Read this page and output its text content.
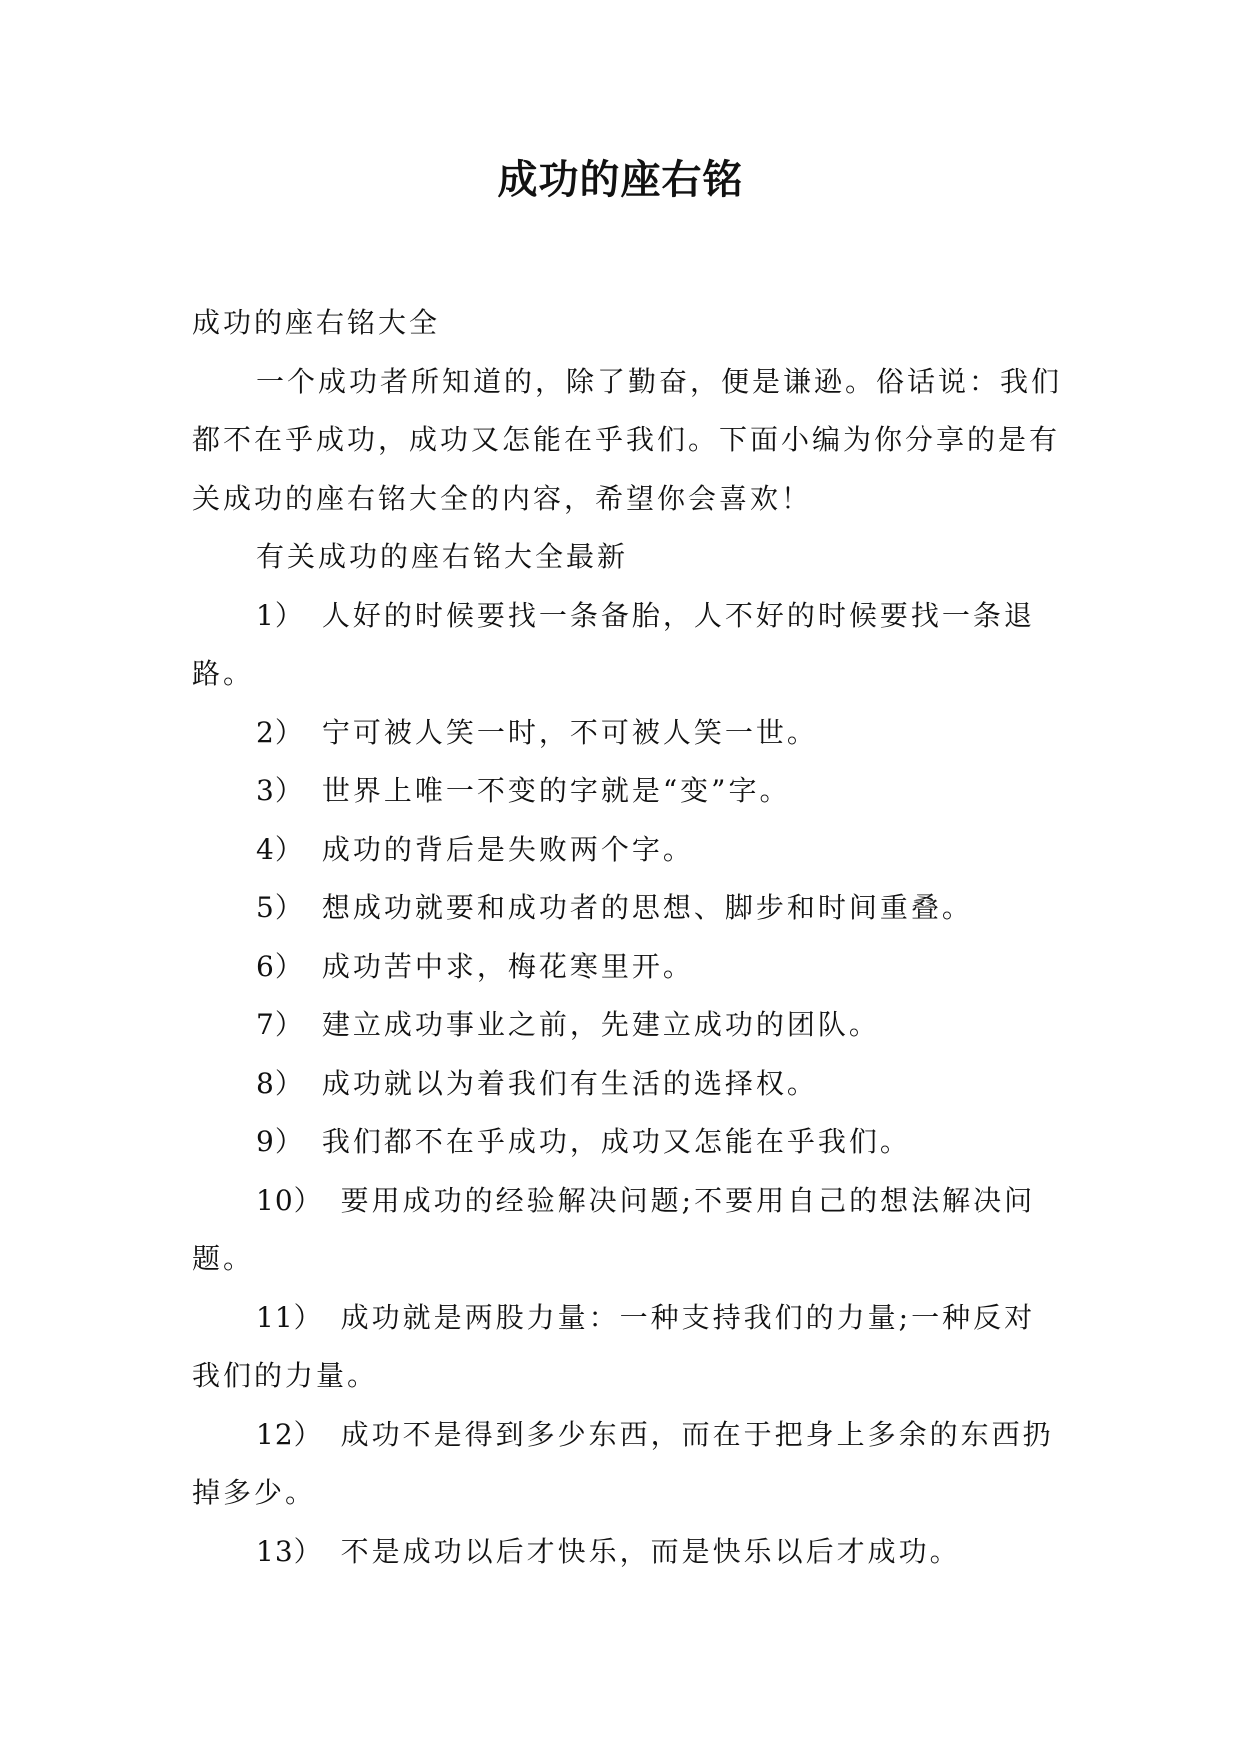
成功的座右铭

成功的座右铭大全

一个成功者所知道的，除了勤奋，便是谦逊。俗话说：我们都不在乎成功，成功又怎能在乎我们。下面小编为你分享的是有关成功的座右铭大全的内容，希望你会喜欢！

有关成功的座右铭大全最新

1） 人好的时候要找一条备胎，人不好的时候要找一条退路。

2） 宁可被人笑一时，不可被人笑一世。

3） 世界上唯一不变的字就是“变”字。

4） 成功的背后是失败两个字。

5） 想成功就要和成功者的思想、脚步和时间重叠。

6） 成功苦中求，梅花寒里开。

7） 建立成功事业之前，先建立成功的团队。

8） 成功就以为着我们有生活的选择权。

9） 我们都不在乎成功，成功又怎能在乎我们。

10） 要用成功的经验解决问题;不要用自己的想法解决问题。

11） 成功就是两股力量：一种支持我们的力量;一种反对我们的力量。

12） 成功不是得到多少东西，而在于把身上多余的东西扔掉多少。

13） 不是成功以后才快乐，而是快乐以后才成功。
